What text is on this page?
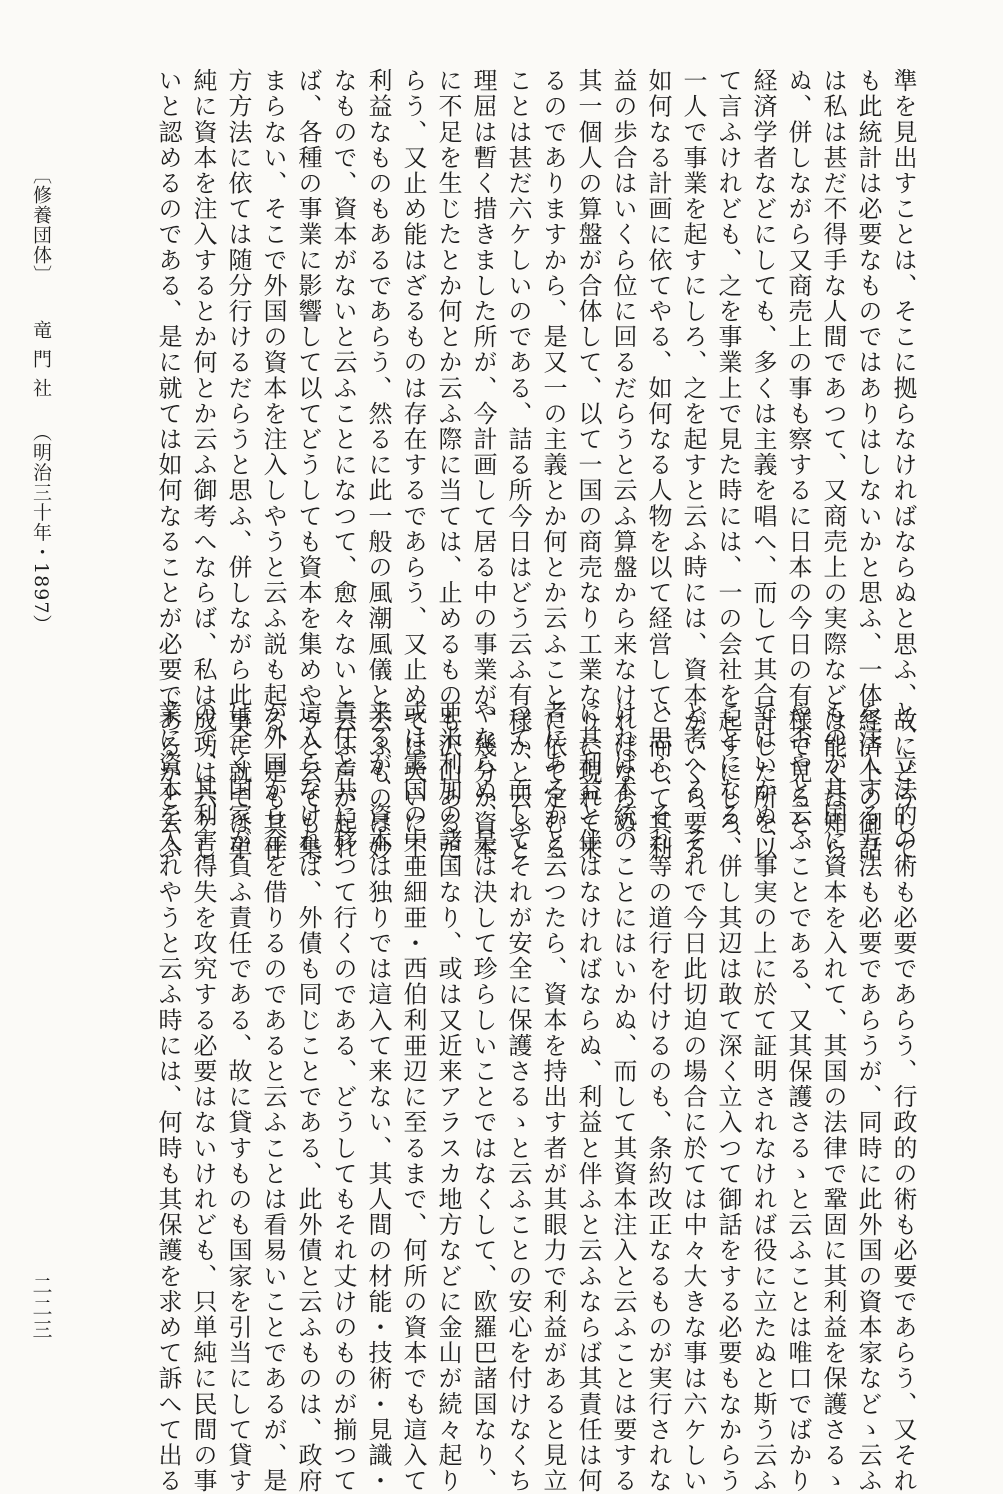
準を見出すことは、そこに拠らなければならぬと思ふ、故にどうして
も此統計は必要なものではありはしないかと思ふ、一体経済上の御話
は私は甚だ不得手な人間であつて、又商売上の実際などは能くは知ら
ぬ、併しながら又商売上の事も察するに日本の今日の有様で見ると、
経済学者などにしても、多くは主義を唱へ、而して其合計した所を以
て言ふけれども、之を事業上で見た時には、一の会社を起すにしろ、
一人で事業を起すにしろ、之を起すと云ふ時には、資本がいくら要る
如何なる計画に依てやる、如何なる人物を以て経営して、而して其利
益の歩合はいくら位に回るだらうと云ふ算盤から来なければならぬ、
其一個人の算盤が合体して、以て一国の商売なり工業なりに現れて来
るのでありますから、是又一の主義とか何とか云ふことに依て定むる
ことは甚だ六ケしいのである、詰る所今日はどう云ふ有様かと云ふと
理屈は暫く措きました所が、今計画して居る中の事業が、幾分か資本
に不足を生じたとか何とか云ふ際に当ては、止めるものも沢山あるだ
らう、又止め能はざるものは存在するであらう、又止めては大いに不
利益なものもあるであらう、然るに此一般の風潮風儀と云ふものは妙
なもので、資本がないと云ふことになつて、愈々ないと云ふ声が起れ
ば、各種の事業に影響して以てどうしても資本を集めやうと云ても集
まらない、そこで外国の資本を注入しやうと云ふ説も起る、是も其仕
方方法に依ては随分行けるだらうと思ふ、併しながら此事に就ては単
純に資本を注入するとか何とか云ふ御考へならば、私は成功は六ケし
いと認めるのである、是に就ては如何なることが必要であるかと云ふ
と、立法的の術も必要であらう、行政的の術も必要であらう、又それ
を注入する方法も必要であらうが、同時に此外国の資本家などゝ云ふ
ものが其国に資本を入れて、其国の法律で鞏固に其利益を保護さるゝ
や否やと云ふことである、又其保護さるゝと云ふことは唯口でばかり
ではいかぬ、事実の上に於て証明されなければ役に立たぬと斯う云ふ
ことになる、併し其辺は敢て深く立入つて御話をする必要もなからう
と考へる、それで今日此切迫の場合に於ては中々大きな事は六ケしい
と思ふ、それ等の道行を付けるのも、条約改正なるものが実行されな
ければ本統のことにはいかぬ、而して其資本注入と云ふことは要する
に其利益と伴はなければならぬ、利益と伴ふと云ふならば其責任は何
者にあるかと云つたら、資本を持出す者が其眼力で利益があると見立
つて、而してそれが安全に保護さるゝと云ふことの安心を付けなくち
やならぬ、是は決して珍らしいことではなくして、欧羅巴諸国なり、
亜米利加の諸国なり、或は又近来アラスカ地方などに金山が続々起り
或は露国の中亜細亜・西伯利亜辺に至るまで、何所の資本でも這入て
来るが、資本は独りでは這入て来ない、其人間の材能・技術・見識・
責任と共に移つて行くのである、どうしてもそれ丈けのものが揃つて
這入らなければ、外債も同じことである、此外債と云ふものは、政府
が外国から金を借りるのであると云ふことは看易いことであるが、是
は全く国家が負ふ責任である、故に貸すものも国家を引当にして貸す
ので、其利害得失を攻究する必要はないけれども、只単純に民間の事
業に資本を入れやうと云ふ時には、何時も其保護を求めて訴へて出る
〔修養団体〕 竜門社 （明治三十年・1897）
二二三
